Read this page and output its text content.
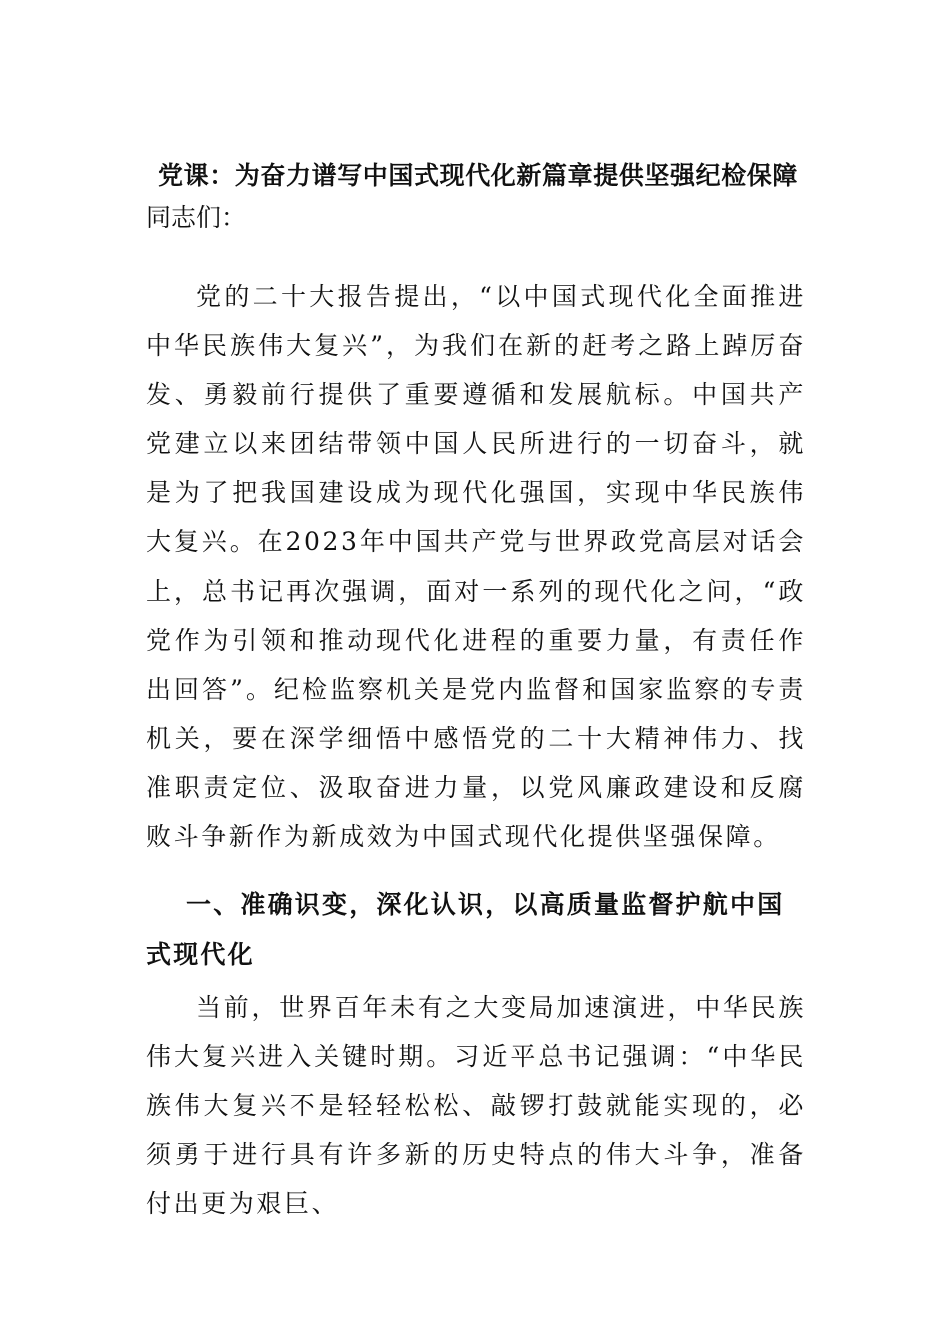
党课：为奋力谱写中国式现代化新篇章提供坚强纪检保障
同志们：

党的二十大报告提出，“以中国式现代化全面推进中华民族伟大复兴”，为我们在新的赶考之路上踔厉奋发、勇毅前行提供了重要遵循和发展航标。中国共产党建立以来团结带领中国人民所进行的一切奋斗，就是为了把我国建设成为现代化强国，实现中华民族伟大复兴。在2023年中国共产党与世界政党高层对话会上，总书记再次强调，面对一系列的现代化之问，“政党作为引领和推动现代化进程的重要力量，有责任作出回答”。纪检监察机关是党内监督和国家监察的专责机关，要在深学细悟中感悟党的二十大精神伟力、找准职责定位、汲取奋进力量，以党风廉政建设和反腐败斗争新作为新成效为中国式现代化提供坚强保障。

一、准确识变，深化认识，以高质量监督护航中国式现代化

当前，世界百年未有之大变局加速演进，中华民族伟大复兴进入关键时期。习近平总书记强调：“中华民族伟大复兴不是轻轻松松、敲锣打鼓就能实现的，必须勇于进行具有许多新的历史特点的伟大斗争，准备付出更为艰巨、
